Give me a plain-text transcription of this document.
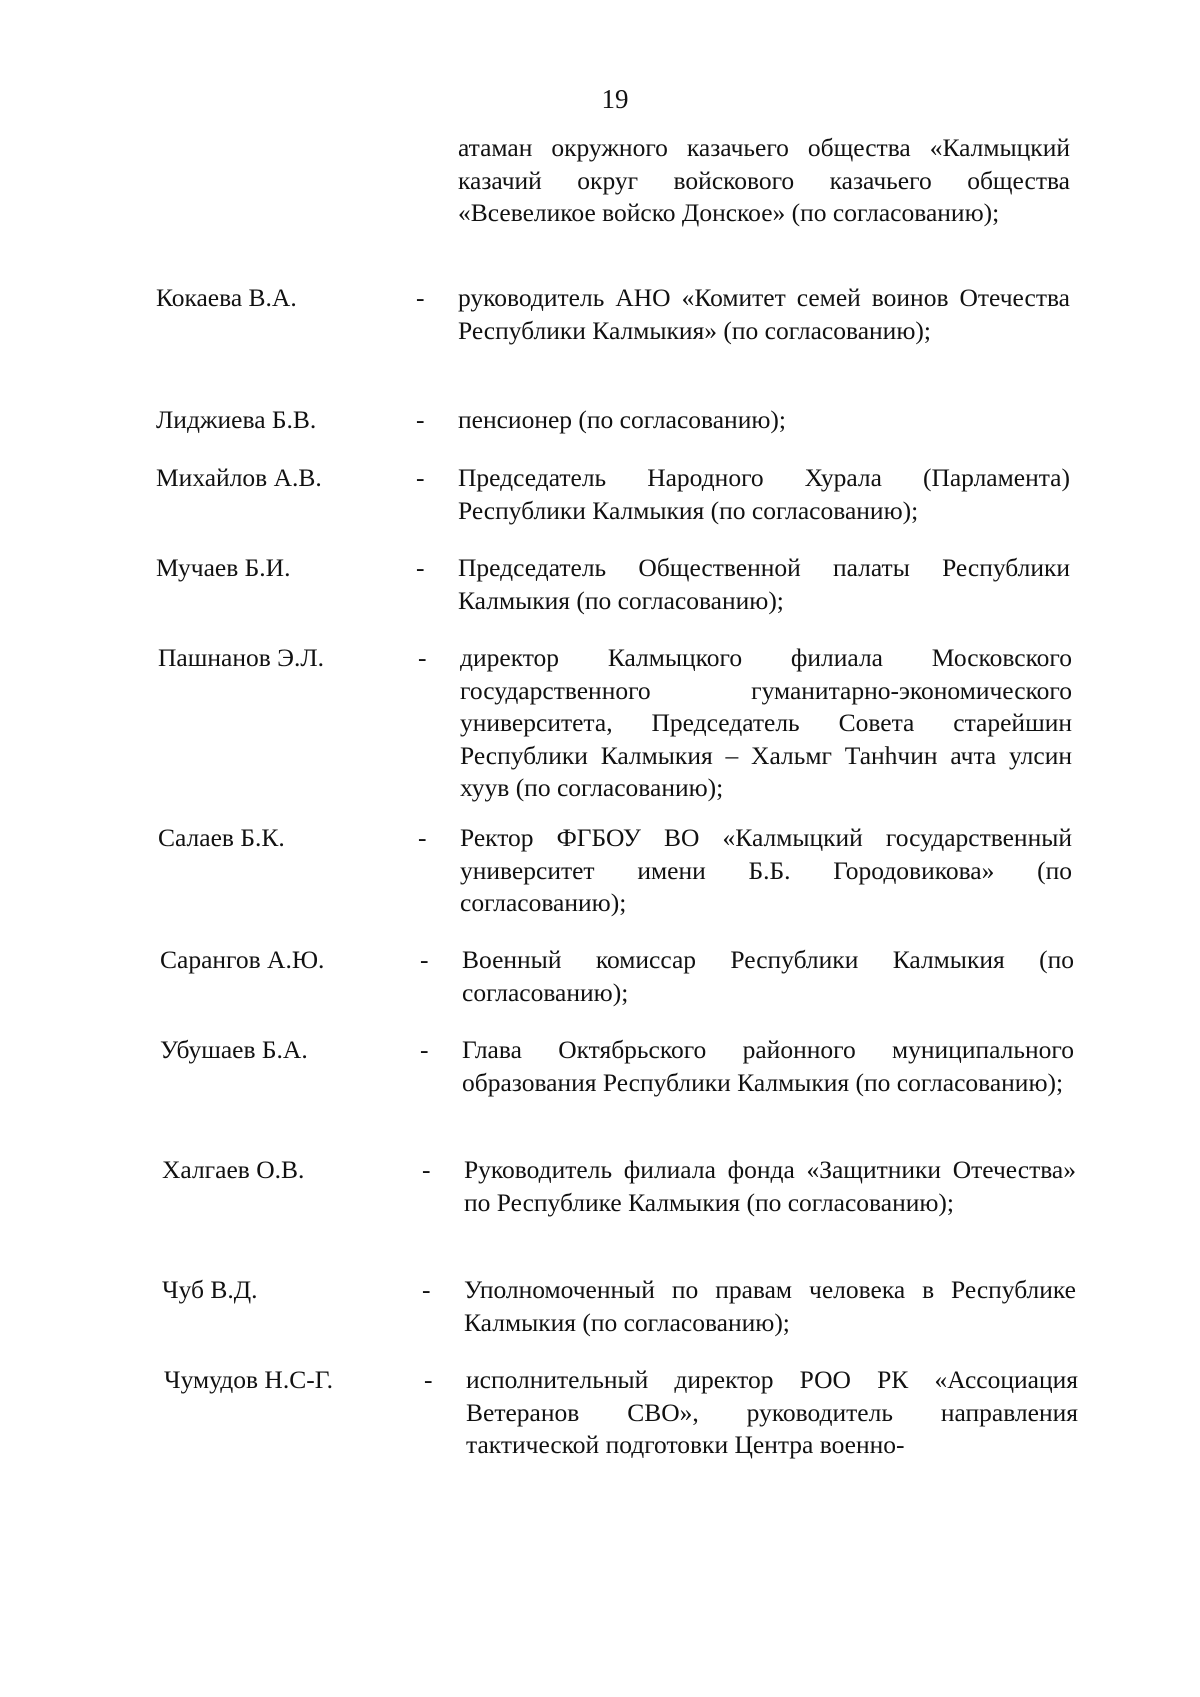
19
атаман окружного казачьего общества «Калмыцкий казачий округ войскового казачьего общества «Всевеликое войско Донское» (по согласованию);
Кокаева В.А.	-	руководитель АНО «Комитет семей воинов Отечества Республики Калмыкия» (по согласованию);
Лиджиева Б.В.	-	пенсионер (по согласованию);
Михайлов А.В.	-	Председатель Народного Хурала (Парламента) Республики Калмыкия (по согласованию);
Мучаев Б.И.	-	Председатель Общественной палаты Республики Калмыкия (по согласованию);
Пашнанов Э.Л.	-	директор Калмыцкого филиала Московского государственного гуманитарно-экономического университета, Председатель Совета старейшин Республики Калмыкия – Хальмг Танһчин ачта улсин хуув (по согласованию);
Салаев Б.К.	-	Ректор ФГБОУ ВО «Калмыцкий государственный университет имени Б.Б. Городовикова» (по согласованию);
Сарангов А.Ю.	-	Военный комиссар Республики Калмыкия (по согласованию);
Убушаев Б.А.	-	Глава Октябрьского районного муниципального образования Республики Калмыкия (по согласованию);
Халгаев О.В.	-	Руководитель филиала фонда «Защитники Отечества» по Республике Калмыкия (по согласованию);
Чуб В.Д.	-	Уполномоченный по правам человека в Республике Калмыкия (по согласованию);
Чумудов Н.С-Г.	-	исполнительный директор РОО РК «Ассоциация Ветеранов СВО», руководитель направления тактической подготовки Центра военно-
